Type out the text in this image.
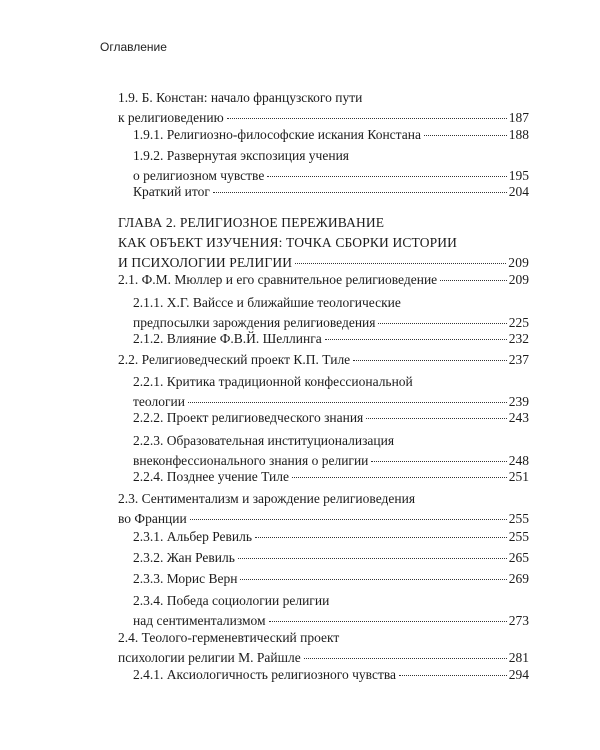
Оглавление
1.9. Б. Констан: начало французского пути
к религиоведению	187
1.9.1. Религиозно-философские искания Констана	188
1.9.2. Развернутая экспозиция учения
о религиозном чувстве	195
Краткий итог	204
ГЛАВА 2. РЕЛИГИОЗНОЕ ПЕРЕЖИВАНИЕ
КАК ОБЪЕКТ ИЗУЧЕНИЯ: ТОЧКА СБОРКИ ИСТОРИИ
И ПСИХОЛОГИИ РЕЛИГИИ	209
2.1. Ф.М. Мюллер и его сравнительное религиоведение	209
2.1.1. Х.Г. Вайссе и ближайшие теологические
предпосылки зарождения религиоведения	225
2.1.2. Влияние Ф.В.Й. Шеллинга	232
2.2. Религиоведческий проект К.П. Тиле	237
2.2.1. Критика традиционной конфессиональной
теологии	239
2.2.2. Проект религиоведческого знания	243
2.2.3. Образовательная институционализация
внеконфессионального знания о религии	248
2.2.4. Позднее учение Тиле	251
2.3. Сентиментализм и зарождение религиоведения
во Франции	255
2.3.1. Альбер Ревиль	255
2.3.2. Жан Ревиль	265
2.3.3. Морис Верн	269
2.3.4. Победа социологии религии
над сентиментализмом	273
2.4. Теолого-герменевтический проект
психологии религии М. Райшле	281
2.4.1. Аксиологичность религиозного чувства	294
